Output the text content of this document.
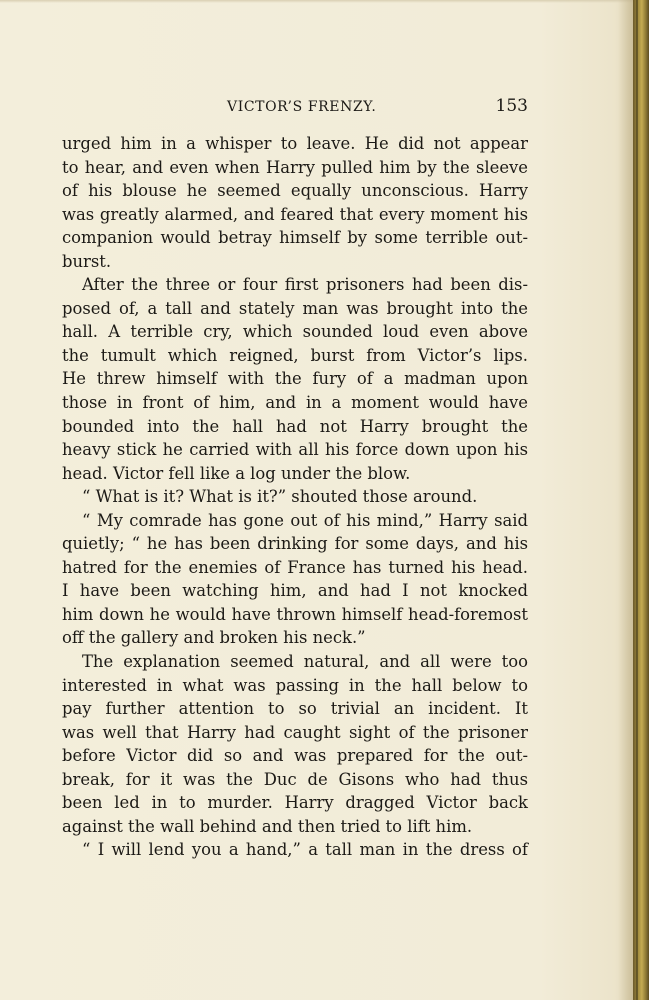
VICTOR’S FRENZY.	153
urged him in a whisper to leave. He did not appear
to hear, and even when Harry pulled him by the sleeve
of his blouse he seemed equally unconscious. Harry
was greatly alarmed, and feared that every moment his
companion would betray himself by some terrible out-
burst.
After the three or four first prisoners had been dis-
posed of, a tall and stately man was brought into the
hall. A terrible cry, which sounded loud even above
the tumult which reigned, burst from Victor’s lips.
He threw himself with the fury of a madman upon
those in front of him, and in a moment would have
bounded into the hall had not Harry brought the
heavy stick he carried with all his force down upon his
head. Victor fell like a log under the blow.
“ What is it? What is it?” shouted those around.
“ My comrade has gone out of his mind,” Harry said
quietly; “ he has been drinking for some days, and his
hatred for the enemies of France has turned his head.
I have been watching him, and had I not knocked
him down he would have thrown himself head-foremost
off the gallery and broken his neck.”
The explanation seemed natural, and all were too
interested in what was passing in the hall below to
pay further attention to so trivial an incident. It
was well that Harry had caught sight of the prisoner
before Victor did so and was prepared for the out-
break, for it was the Duc de Gisons who had thus
been led in to murder. Harry dragged Victor back
against the wall behind and then tried to lift him.
“ I will lend you a hand,” a tall man in the dress of
